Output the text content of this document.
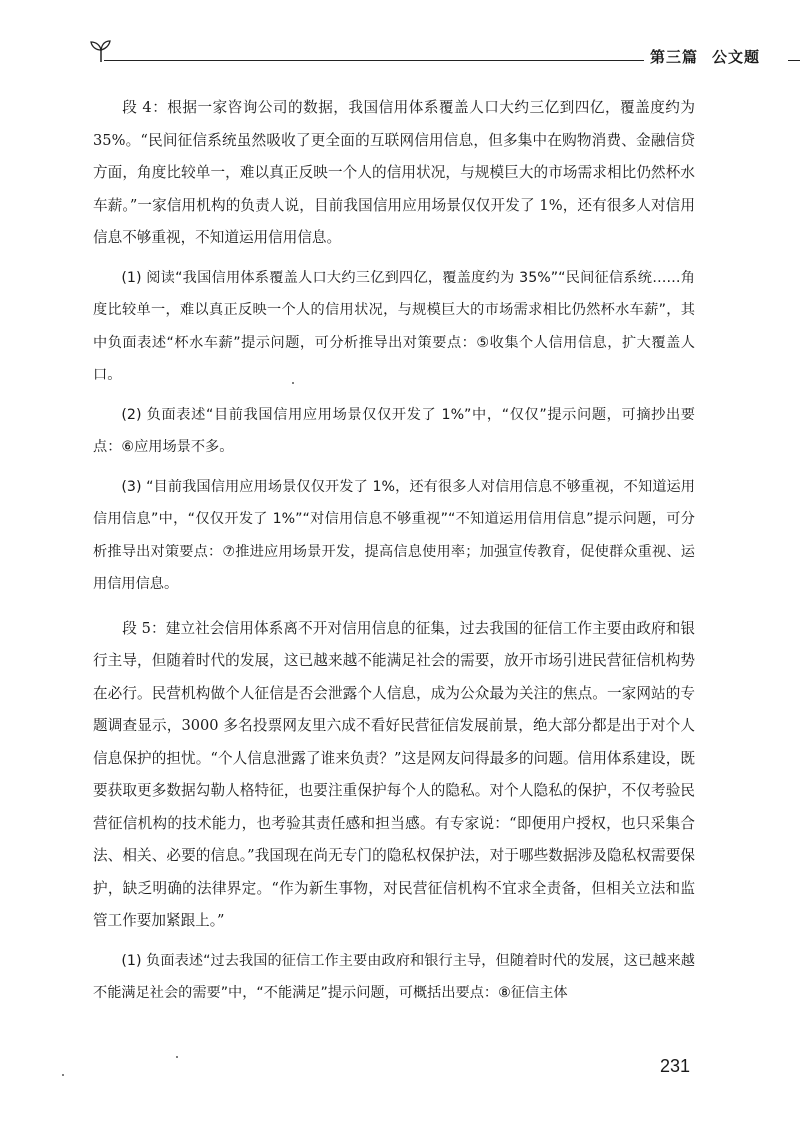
第三篇 公文题

段 4：根据一家咨询公司的数据，我国信用体系覆盖人口大约三亿到四亿，覆盖度约为 35%。“民间征信系统虽然吸收了更全面的互联网信用信息，但多集中在购物消费、金融信贷方面，角度比较单一，难以真正反映一个人的信用状况，与规模巨大的市场需求相比仍然杯水车薪。”一家信用机构的负责人说，目前我国信用应用场景仅仅开发了 1%，还有很多人对信用信息不够重视，不知道运用信用信息。

(1) 阅读“我国信用体系覆盖人口大约三亿到四亿，覆盖度约为 35%”“民间征信系统……角度比较单一，难以真正反映一个人的信用状况，与规模巨大的市场需求相比仍然杯水车薪”，其中负面表述“杯水车薪”提示问题，可分析推导出对策要点：⑤收集个人信用信息，扩大覆盖人口。

(2) 负面表述“目前我国信用应用场景仅仅开发了 1%”中，“仅仅”提示问题，可摘抄出要点：⑥应用场景不多。

(3) “目前我国信用应用场景仅仅开发了 1%，还有很多人对信用信息不够重视，不知道运用信用信息”中，“仅仅开发了 1%”“对信用信息不够重视”“不知道运用信用信息”提示问题，可分析推导出对策要点：⑦推进应用场景开发，提高信息使用率；加强宣传教育，促使群众重视、运用信用信息。

段 5：建立社会信用体系离不开对信用信息的征集，过去我国的征信工作主要由政府和银行主导，但随着时代的发展，这已越来越不能满足社会的需要，放开市场引进民营征信机构势在必行。民营机构做个人征信是否会泄露个人信息，成为公众最为关注的焦点。一家网站的专题调查显示，3000 多名投票网友里六成不看好民营征信发展前景，绝大部分都是出于对个人信息保护的担忧。“个人信息泄露了谁来负责？”这是网友问得最多的问题。信用体系建设，既要获取更多数据勾勒人格特征，也要注重保护每个人的隐私。对个人隐私的保护，不仅考验民营征信机构的技术能力，也考验其责任感和担当感。有专家说：“即便用户授权，也只采集合法、相关、必要的信息。”我国现在尚无专门的隐私权保护法，对于哪些数据涉及隐私权需要保护，缺乏明确的法律界定。“作为新生事物，对民营征信机构不宜求全责备，但相关立法和监管工作要加紧跟上。”

(1) 负面表述“过去我国的征信工作主要由政府和银行主导，但随着时代的发展，这已越来越不能满足社会的需要”中，“不能满足”提示问题，可概括出要点：⑧征信主体

231
